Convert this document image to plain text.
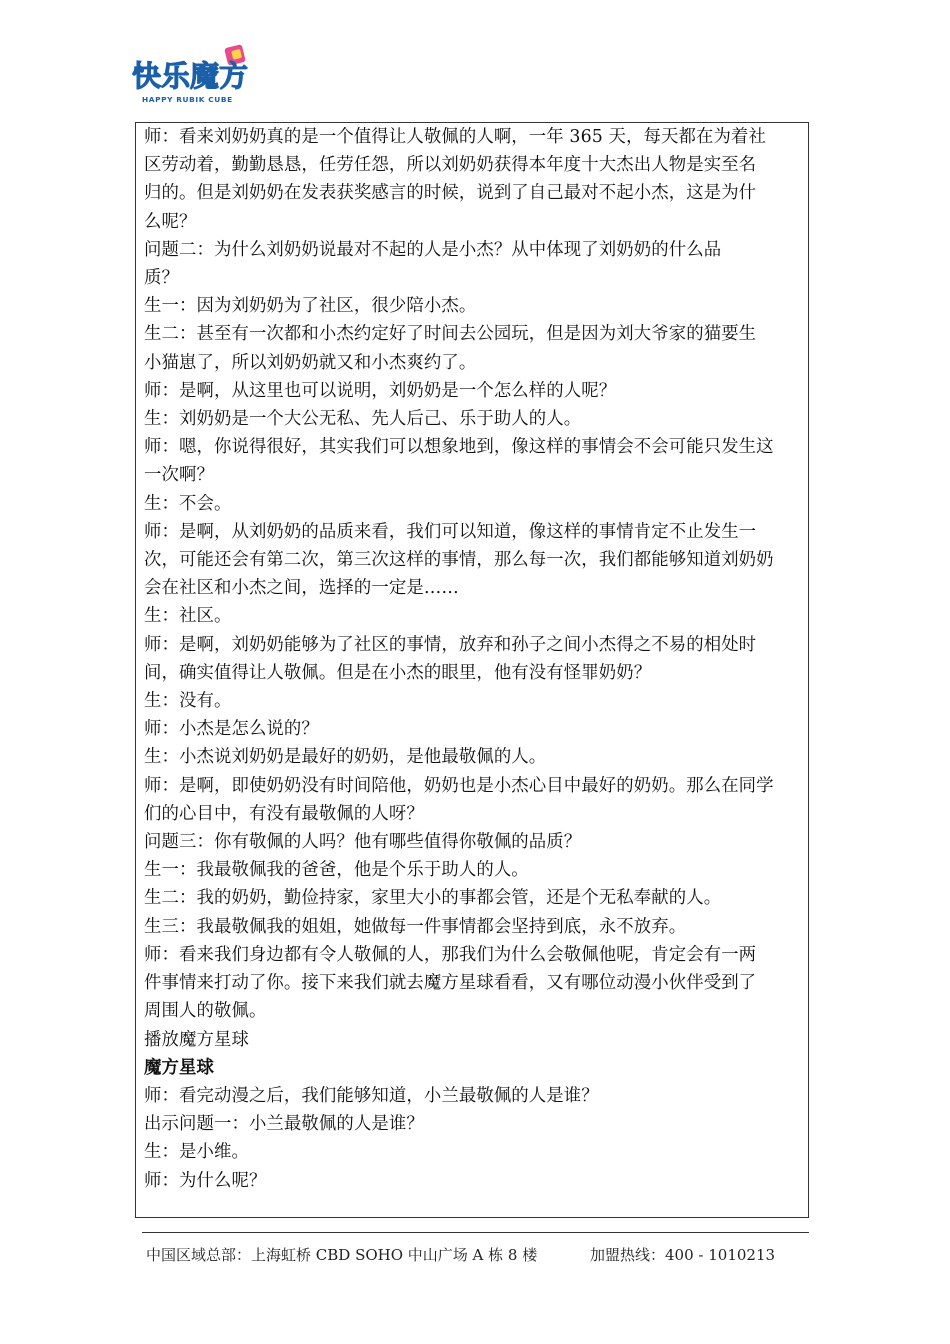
快乐魔方
HAPPY RUBIK CUBE
师：看来刘奶奶真的是一个值得让人敬佩的人啊，一年 365 天，每天都在为着社
区劳动着，勤勤恳恳，任劳任怨，所以刘奶奶获得本年度十大杰出人物是实至名
归的。但是刘奶奶在发表获奖感言的时候，说到了自己最对不起小杰，这是为什
么呢？
问题二：为什么刘奶奶说最对不起的人是小杰？从中体现了刘奶奶的什么品
质？
生一：因为刘奶奶为了社区，很少陪小杰。
生二：甚至有一次都和小杰约定好了时间去公园玩，但是因为刘大爷家的猫要生
小猫崽了，所以刘奶奶就又和小杰爽约了。
师：是啊，从这里也可以说明，刘奶奶是一个怎么样的人呢？
生：刘奶奶是一个大公无私、先人后己、乐于助人的人。
师：嗯，你说得很好，其实我们可以想象地到，像这样的事情会不会可能只发生这
一次啊？
生：不会。
师：是啊，从刘奶奶的品质来看，我们可以知道，像这样的事情肯定不止发生一
次，可能还会有第二次，第三次这样的事情，那么每一次，我们都能够知道刘奶奶
会在社区和小杰之间，选择的一定是……
生：社区。
师：是啊，刘奶奶能够为了社区的事情，放弃和孙子之间小杰得之不易的相处时
间，确实值得让人敬佩。但是在小杰的眼里，他有没有怪罪奶奶？
生：没有。
师：小杰是怎么说的？
生：小杰说刘奶奶是最好的奶奶，是他最敬佩的人。
师：是啊，即使奶奶没有时间陪他，奶奶也是小杰心目中最好的奶奶。那么在同学
们的心目中，有没有最敬佩的人呀？
问题三：你有敬佩的人吗？他有哪些值得你敬佩的品质？
生一：我最敬佩我的爸爸，他是个乐于助人的人。
生二：我的奶奶，勤俭持家，家里大小的事都会管，还是个无私奉献的人。
生三：我最敬佩我的姐姐，她做每一件事情都会坚持到底，永不放弃。
师：看来我们身边都有令人敬佩的人，那我们为什么会敬佩他呢，肯定会有一两
件事情来打动了你。接下来我们就去魔方星球看看，又有哪位动漫小伙伴受到了
周围人的敬佩。
播放魔方星球
魔方星球
师：看完动漫之后，我们能够知道，小兰最敬佩的人是谁？
出示问题一：小兰最敬佩的人是谁？
生：是小维。
师：为什么呢？
中国区域总部：上海虹桥 CBD SOHO 中山广场 A 栋 8 楼	加盟热线：400 - 1010213
